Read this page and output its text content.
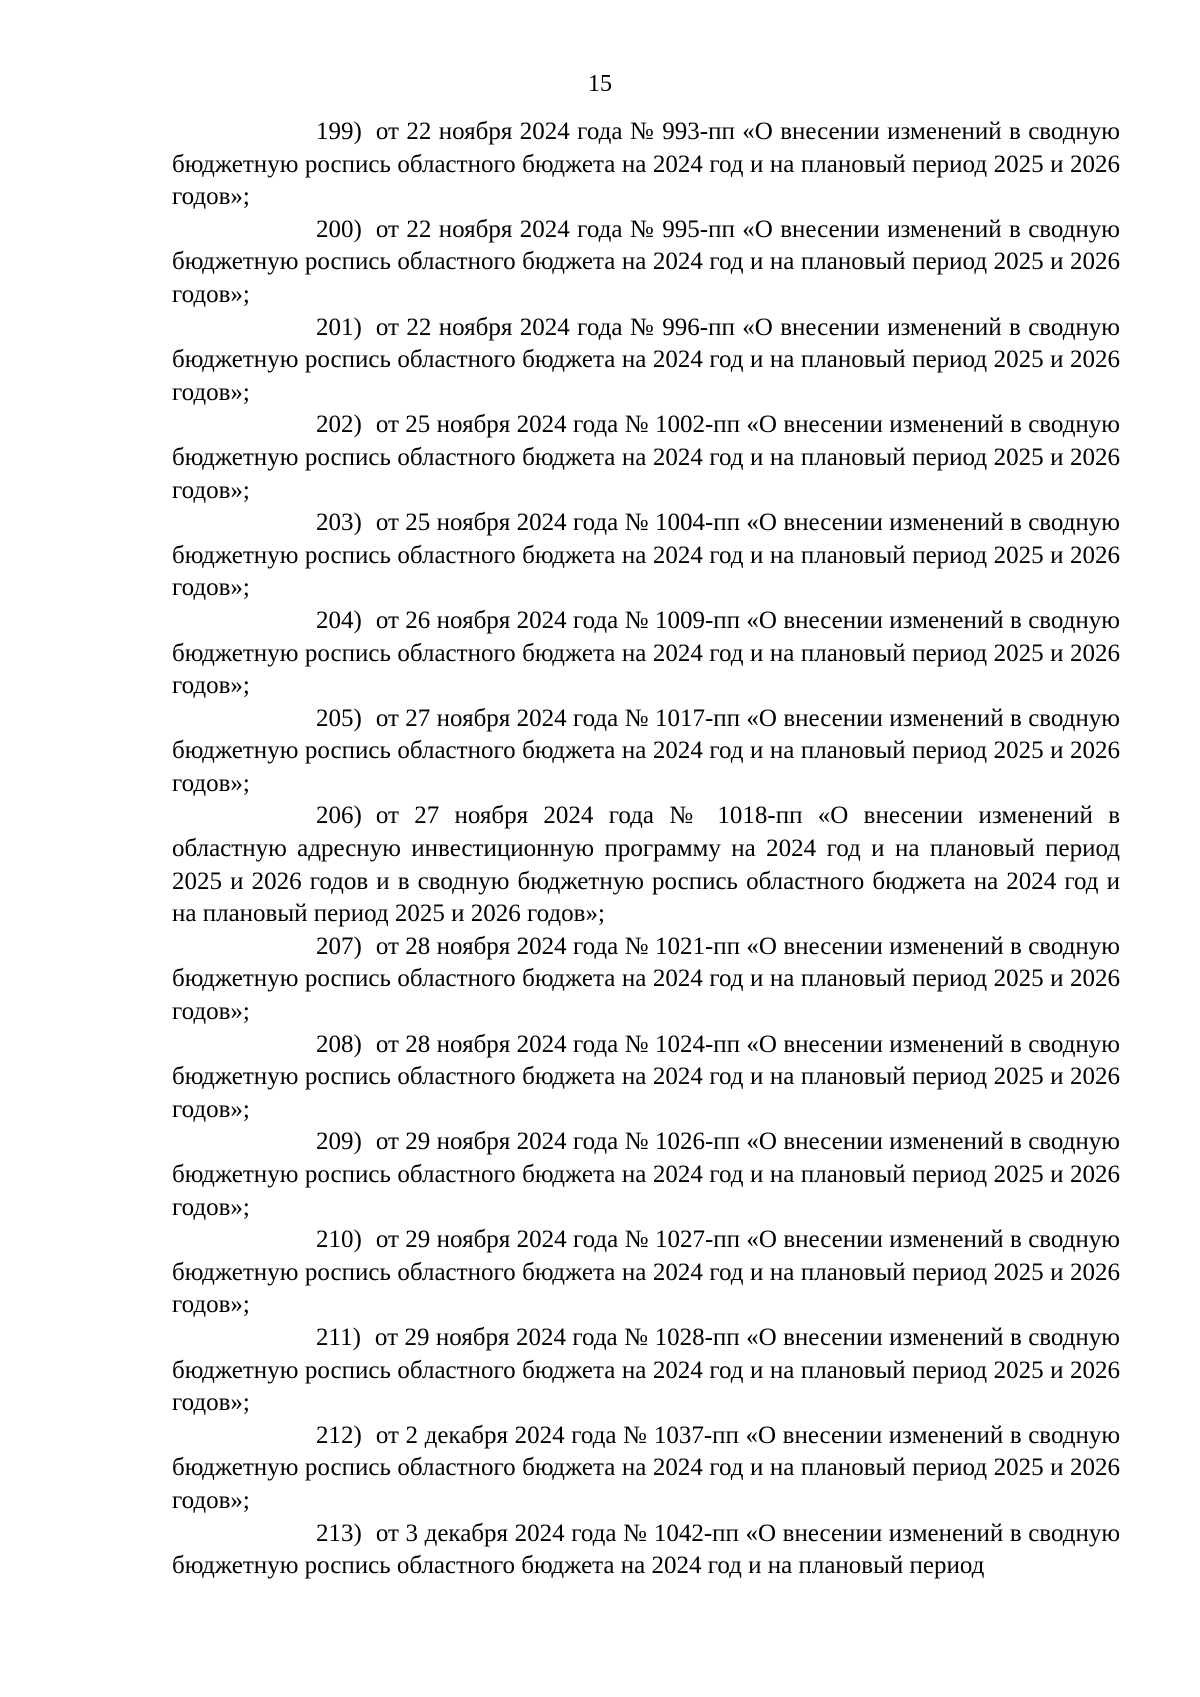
15

199) от 22 ноября 2024 года № 993-пп «О внесении изменений в сводную бюджетную роспись областного бюджета на 2024 год и на плановый период 2025 и 2026 годов»;

200) от 22 ноября 2024 года № 995-пп «О внесении изменений в сводную бюджетную роспись областного бюджета на 2024 год и на плановый период 2025 и 2026 годов»;

201) от 22 ноября 2024 года № 996-пп «О внесении изменений в сводную бюджетную роспись областного бюджета на 2024 год и на плановый период 2025 и 2026 годов»;

202) от 25 ноября 2024 года № 1002-пп «О внесении изменений в сводную бюджетную роспись областного бюджета на 2024 год и на плановый период 2025 и 2026 годов»;

203) от 25 ноября 2024 года № 1004-пп «О внесении изменений в сводную бюджетную роспись областного бюджета на 2024 год и на плановый период 2025 и 2026 годов»;

204) от 26 ноября 2024 года № 1009-пп «О внесении изменений в сводную бюджетную роспись областного бюджета на 2024 год и на плановый период 2025 и 2026 годов»;

205) от 27 ноября 2024 года № 1017-пп «О внесении изменений в сводную бюджетную роспись областного бюджета на 2024 год и на плановый период 2025 и 2026 годов»;

206) от 27 ноября 2024 года № 1018-пп «О внесении изменений в областную адресную инвестиционную программу на 2024 год и на плановый период 2025 и 2026 годов и в сводную бюджетную роспись областного бюджета на 2024 год и на плановый период 2025 и 2026 годов»;

207) от 28 ноября 2024 года № 1021-пп «О внесении изменений в сводную бюджетную роспись областного бюджета на 2024 год и на плановый период 2025 и 2026 годов»;

208) от 28 ноября 2024 года № 1024-пп «О внесении изменений в сводную бюджетную роспись областного бюджета на 2024 год и на плановый период 2025 и 2026 годов»;

209) от 29 ноября 2024 года № 1026-пп «О внесении изменений в сводную бюджетную роспись областного бюджета на 2024 год и на плановый период 2025 и 2026 годов»;

210) от 29 ноября 2024 года № 1027-пп «О внесении изменений в сводную бюджетную роспись областного бюджета на 2024 год и на плановый период 2025 и 2026 годов»;

211) от 29 ноября 2024 года № 1028-пп «О внесении изменений в сводную бюджетную роспись областного бюджета на 2024 год и на плановый период 2025 и 2026 годов»;

212) от 2 декабря 2024 года № 1037-пп «О внесении изменений в сводную бюджетную роспись областного бюджета на 2024 год и на плановый период 2025 и 2026 годов»;

213) от 3 декабря 2024 года № 1042-пп «О внесении изменений в сводную бюджетную роспись областного бюджета на 2024 год и на плановый период
